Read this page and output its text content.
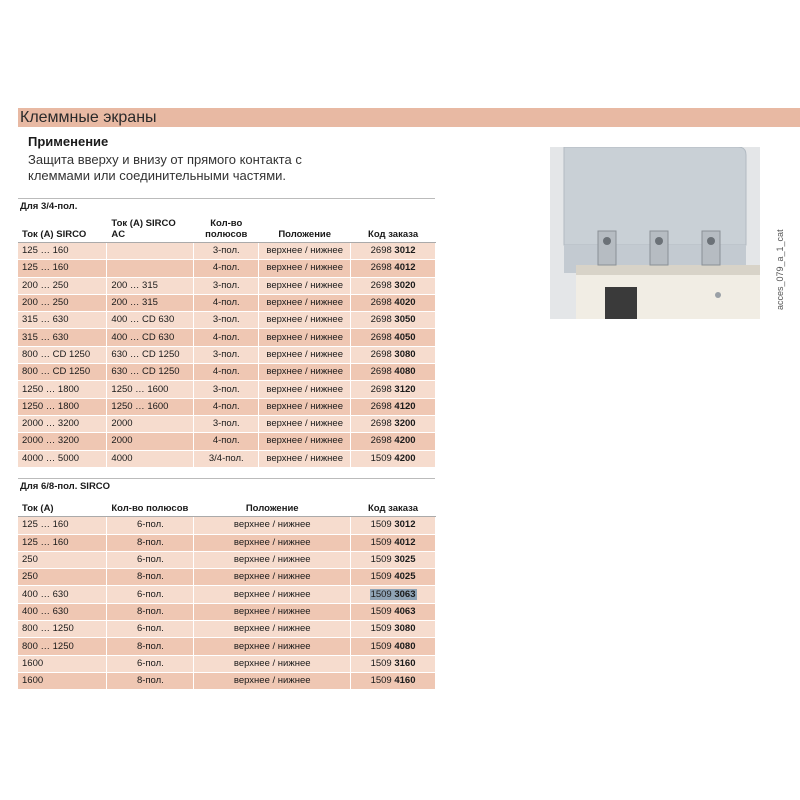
Клеммные экраны
Применение
Защита вверху и внизу от прямого контакта с клеммами или соединительными частями.
Для 3/4-пол.				
Ток (A) SIRCO	Ток (A) SIRCO AC	Кол-во полюсов	Положение	Код заказа
125 … 160		3-пол.	верхнее / нижнее	2698 3012
125 … 160		4-пол.	верхнее / нижнее	2698 4012
200 … 250	200 … 315	3-пол.	верхнее / нижнее	2698 3020
200 … 250	200 … 315	4-пол.	верхнее / нижнее	2698 4020
315 … 630	400 … CD 630	3-пол.	верхнее / нижнее	2698 3050
315 … 630	400 … CD 630	4-пол.	верхнее / нижнее	2698 4050
800 … CD 1250	630 … CD 1250	3-пол.	верхнее / нижнее	2698 3080
800 … CD 1250	630 … CD 1250	4-пол.	верхнее / нижнее	2698 4080
1250 … 1800	1250 … 1600	3-пол.	верхнее / нижнее	2698 3120
1250 … 1800	1250 … 1600	4-пол.	верхнее / нижнее	2698 4120
2000 … 3200	2000	3-пол.	верхнее / нижнее	2698 3200
2000 … 3200	2000	4-пол.	верхнее / нижнее	2698 4200
4000 … 5000	4000	3/4-пол.	верхнее / нижнее	1509 4200
Для 6/8-пол. SIRCO			
Ток (A)	Кол-во полюсов	Положение	Код заказа
125 … 160	6-пол.	верхнее / нижнее	1509 3012
125 … 160	8-пол.	верхнее / нижнее	1509 4012
250	6-пол.	верхнее / нижнее	1509 3025
250	8-пол.	верхнее / нижнее	1509 4025
400 … 630	6-пол.	верхнее / нижнее	1509 3063
400 … 630	8-пол.	верхнее / нижнее	1509 4063
800 … 1250	6-пол.	верхнее / нижнее	1509 3080
800 … 1250	8-пол.	верхнее / нижнее	1509 4080
1600	6-пол.	верхнее / нижнее	1509 3160
1600	8-пол.	верхнее / нижнее	1509 4160
acces_079_a_1_cat
